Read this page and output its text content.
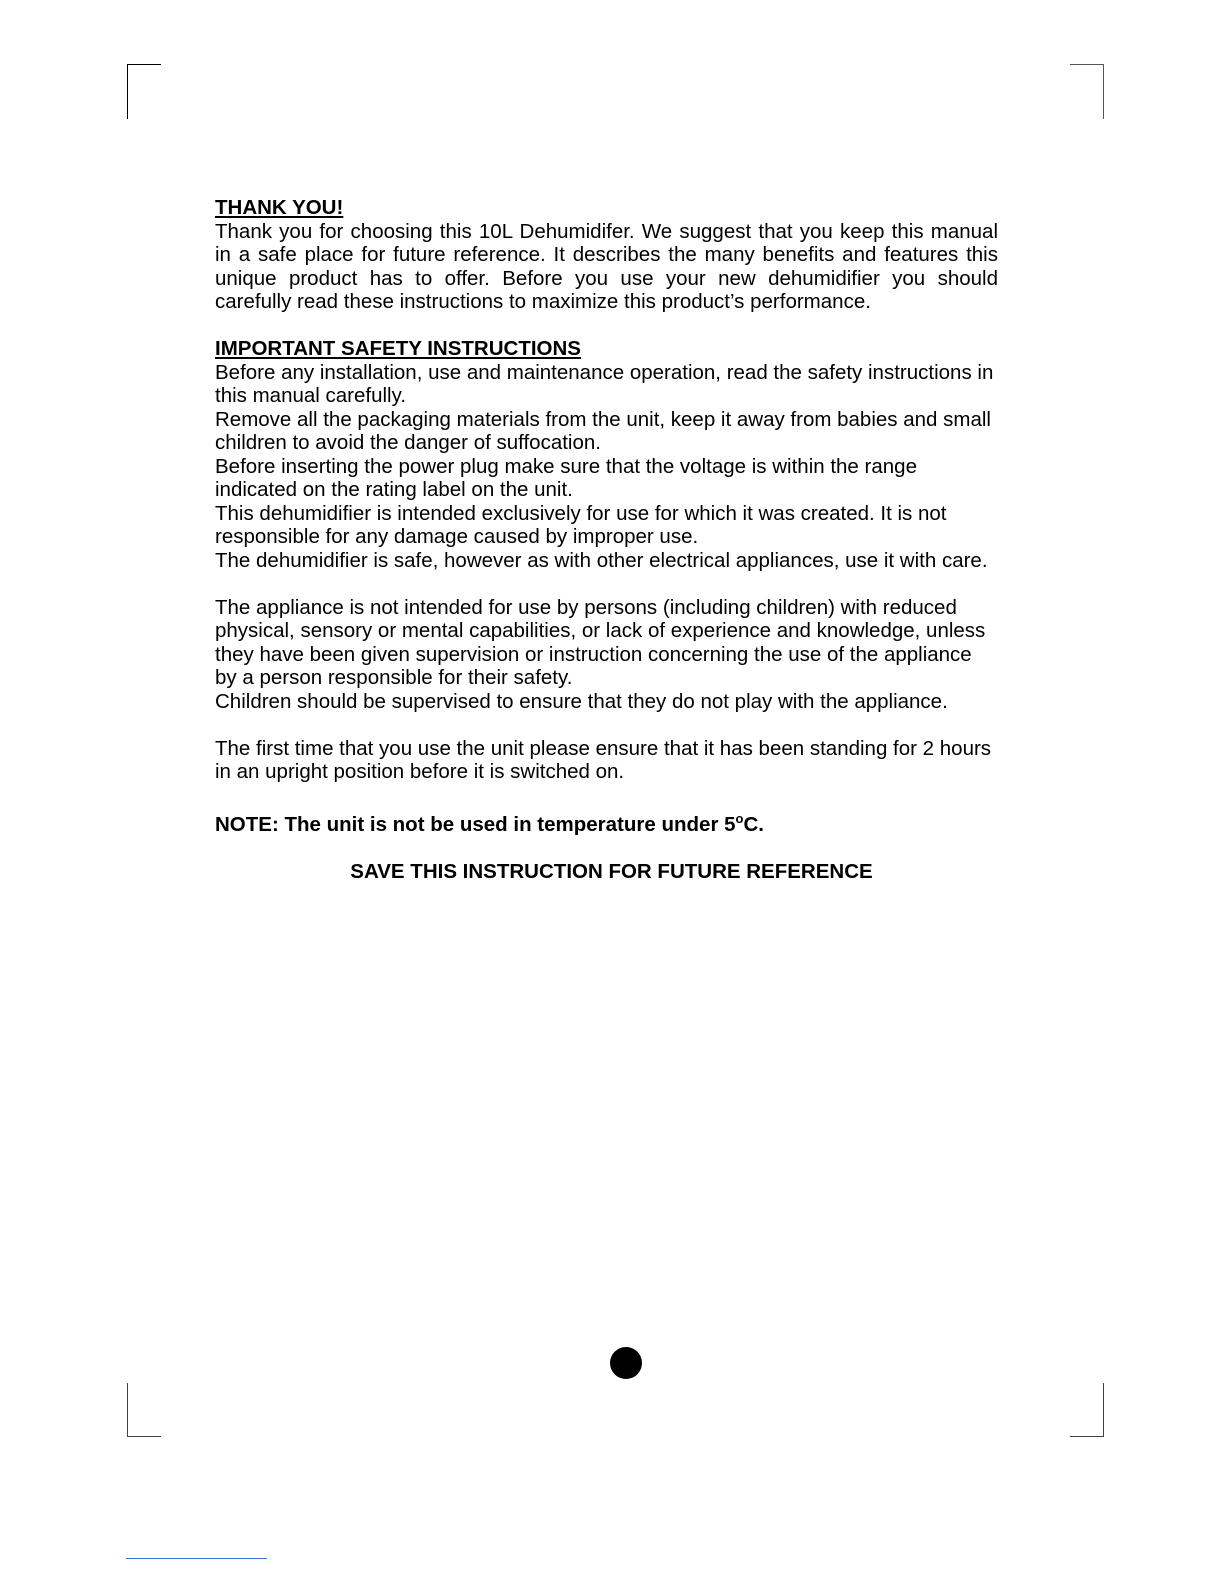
THANK YOU!

Thank you for choosing this 10L Dehumidifer. We suggest that you keep this manual in a safe place for future reference. It describes the many benefits and features this unique product has to offer. Before you use your new dehumidifier you should carefully read these instructions to maximize this product’s performance.

IMPORTANT SAFETY INSTRUCTIONS

Before any installation, use and maintenance operation, read the safety instructions in this manual carefully.

Remove all the packaging materials from the unit, keep it away from babies and small children to avoid the danger of suffocation.

Before inserting the power plug make sure that the voltage is within the range indicated on the rating label on the unit.

This dehumidifier is intended exclusively for use for which it was created. It is not responsible for any damage caused by improper use.

The dehumidifier is safe, however as with other electrical appliances, use it with care.

The appliance is not intended for use by persons (including children) with reduced physical, sensory or mental capabilities, or lack of experience and knowledge, unless they have been given supervision or instruction concerning the use of the appliance by a person responsible for their safety.

Children should be supervised to ensure that they do not play with the appliance.

The first time that you use the unit please ensure that it has been standing for 2 hours in an upright position before it is switched on.

NOTE: The unit is not be used in temperature under 5$^o$C.

SAVE THIS INSTRUCTION FOR FUTURE REFERENCE
